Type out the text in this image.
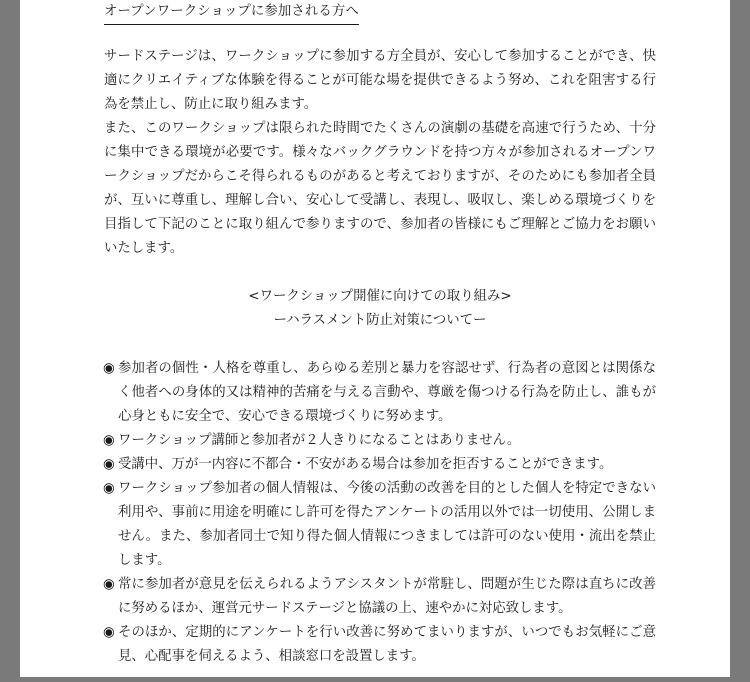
オープンワークショップに参加される方へ

サードステージは、ワークショップに参加する方全員が、安心して参加することができ、快適にクリエイティブな体験を得ることが可能な場を提供できるよう努め、これを阻害する行為を禁止し、防止に取り組みます。

また、このワークショップは限られた時間でたくさんの演劇の基礎を高速で行うため、十分に集中できる環境が必要です。様々なバックグラウンドを持つ方々が参加されるオープンワークショップだからこそ得られるものがあると考えておりますが、そのためにも参加者全員が、互いに尊重し、理解し合い、安心して受講し、表現し、吸収し、楽しめる環境づくりを目指して下記のことに取り組んで参りますので、参加者の皆様にもご理解とご協力をお願いいたします。

<ワークショップ開催に向けての取り組み>
ーハラスメント防止対策についてー
◉ 参加者の個性・人格を尊重し、あらゆる差別と暴力を容認せず、行為者の意図とは関係なく他者への身体的又は精神的苦痛を与える言動や、尊厳を傷つける行為を防止し、誰もが心身ともに安全で、安心できる環境づくりに努めます。
◉ ワークショップ講師と参加者が２人きりになることはありません。
◉ 受講中、万が一内容に不都合・不安がある場合は参加を拒否することができます。
◉ ワークショップ参加者の個人情報は、今後の活動の改善を目的とした個人を特定できない利用や、事前に用途を明確にし許可を得たアンケートの活用以外では一切使用、公開しません。また、参加者同士で知り得た個人情報につきましては許可のない使用・流出を禁止します。
◉ 常に参加者が意見を伝えられるようアシスタントが常駐し、問題が生じた際は直ちに改善に努めるほか、運営元サードステージと協議の上、速やかに対応致します。
◉ そのほか、定期的にアンケートを行い改善に努めてまいりますが、いつでもお気軽にご意見、心配事を伺えるよう、相談窓口を設置します。
